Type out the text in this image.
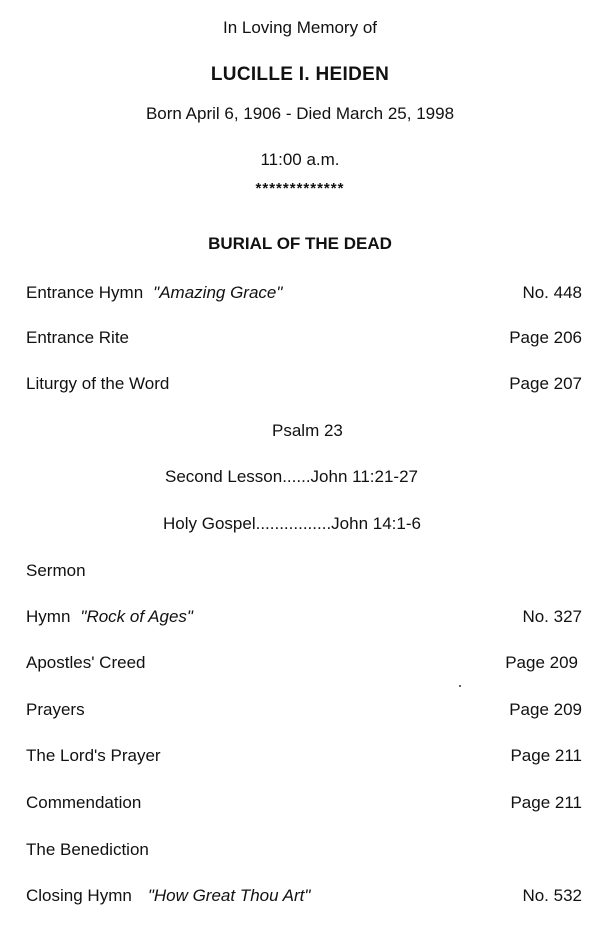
In Loving Memory of
LUCILLE I. HEIDEN
Born April 6, 1906 - Died March 25, 1998
11:00 a.m.
*************
BURIAL OF THE DEAD
Entrance Hymn "Amazing Grace"	No. 448
Entrance Rite	Page 206
Liturgy of the Word	Page 207
Psalm 23
Second Lesson......John 11:21-27
Holy Gospel................John 14:1-6
Sermon
Hymn "Rock of Ages"	No. 327
Apostles' Creed	Page 209
Prayers	Page 209
The Lord's Prayer	Page 211
Commendation	Page 211
The Benediction
Closing Hymn "How Great Thou Art"	No. 532
